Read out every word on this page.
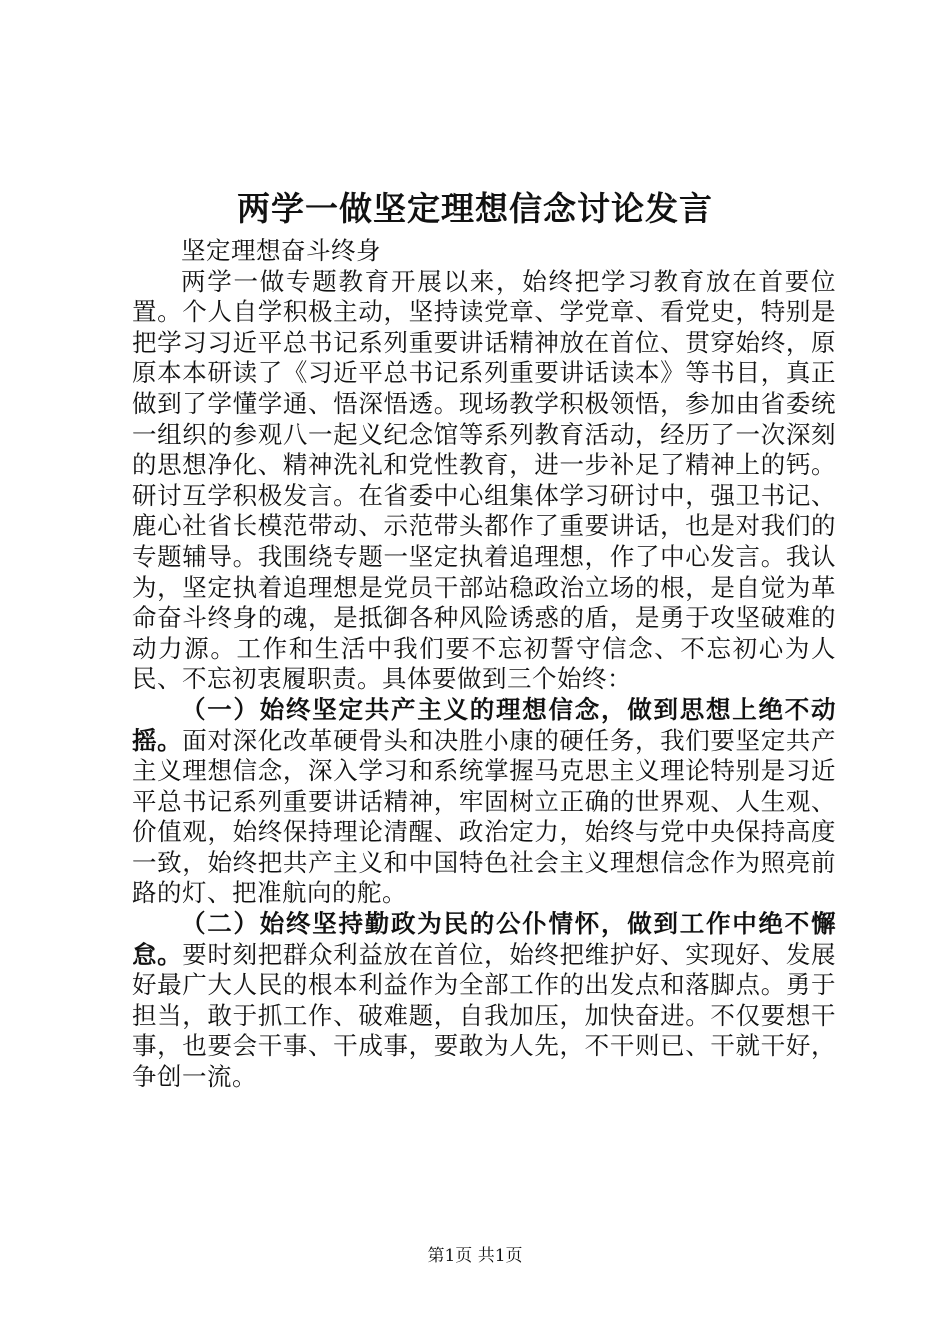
两学一做坚定理想信念讨论发言

坚定理想奋斗终身

两学一做专题教育开展以来，始终把学习教育放在首要位置。个人自学积极主动，坚持读党章、学党章、看党史，特别是把学习习近平总书记系列重要讲话精神放在首位、贯穿始终，原原本本研读了《习近平总书记系列重要讲话读本》等书目，真正做到了学懂学通、悟深悟透。现场教学积极领悟，参加由省委统一组织的参观八一起义纪念馆等系列教育活动，经历了一次深刻的思想净化、精神洗礼和党性教育，进一步补足了精神上的钙。研讨互学积极发言。在省委中心组集体学习研讨中，强卫书记、鹿心社省长模范带动、示范带头都作了重要讲话，也是对我们的专题辅导。我围绕专题一坚定执着追理想，作了中心发言。我认为，坚定执着追理想是党员干部站稳政治立场的根，是自觉为革命奋斗终身的魂，是抵御各种风险诱惑的盾，是勇于攻坚破难的动力源。工作和生活中我们要不忘初誓守信念、不忘初心为人民、不忘初衷履职责。具体要做到三个始终：

（一）始终坚定共产主义的理想信念，做到思想上绝不动摇。面对深化改革硬骨头和决胜小康的硬任务，我们要坚定共产主义理想信念，深入学习和系统掌握马克思主义理论特别是习近平总书记系列重要讲话精神，牢固树立正确的世界观、人生观、价值观，始终保持理论清醒、政治定力，始终与党中央保持高度一致，始终把共产主义和中国特色社会主义理想信念作为照亮前路的灯、把准航向的舵。

（二）始终坚持勤政为民的公仆情怀，做到工作中绝不懈怠。要时刻把群众利益放在首位，始终把维护好、实现好、发展好最广大人民的根本利益作为全部工作的出发点和落脚点。勇于担当，敢于抓工作、破难题，自我加压，加快奋进。不仅要想干事，也要会干事、干成事，要敢为人先，不干则已、干就干好，争创一流。

第1页 共1页
